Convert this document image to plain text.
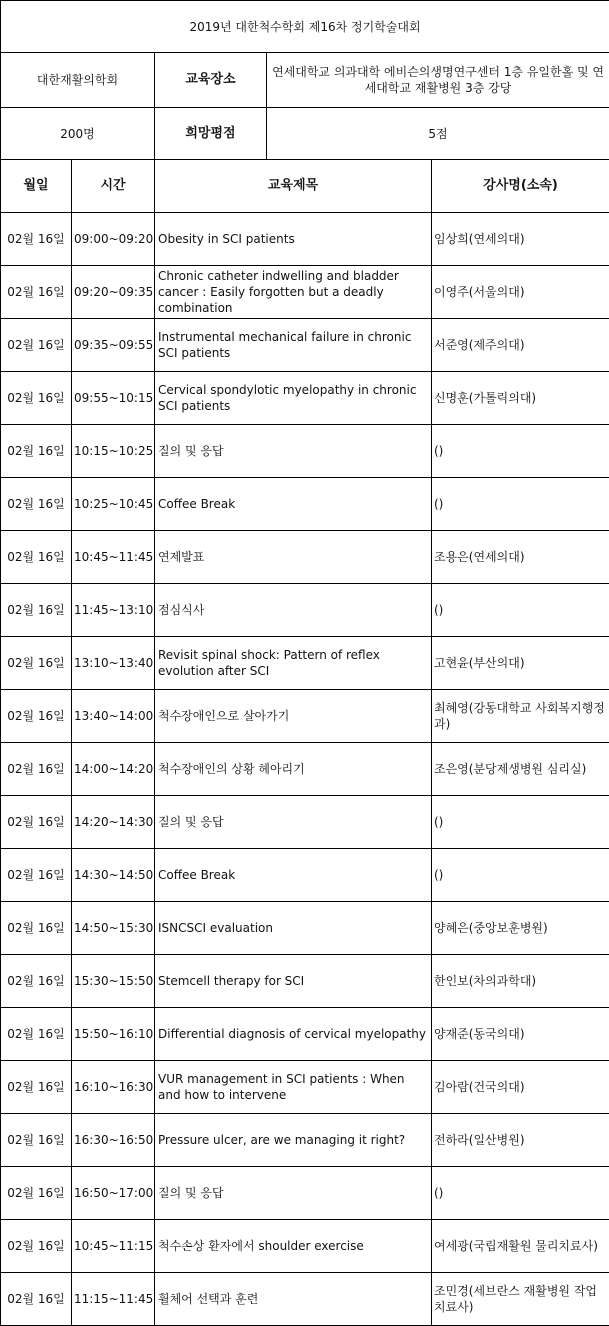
2019년 대한척수학회 제16차 정기학술대회				
대한재활의학회		교육장소	연세대학교 의과대학 에비슨의생명연구센터 1층 유일한홀 및 연세대학교 재활병원 3층 강당	
200명		희망평점	5점	
월일	시간	교육제목		강사명(소속)
02월 16일	09:00~09:20	Obesity in SCI patients		임상희(연세의대)
02월 16일	09:20~09:35	Chronic catheter indwelling and bladder cancer : Easily forgotten but a deadly combination		이영주(서울의대)
02월 16일	09:35~09:55	Instrumental mechanical failure in chronic SCI patients		서준영(제주의대)
02월 16일	09:55~10:15	Cervical spondylotic myelopathy in chronic SCI patients		신명훈(가톨릭의대)
02월 16일	10:15~10:25	질의 및 응답		()
02월 16일	10:25~10:45	Coffee Break		()
02월 16일	10:45~11:45	연제발표		조용은(연세의대)
02월 16일	11:45~13:10	점심식사		()
02월 16일	13:10~13:40	Revisit spinal shock: Pattern of reflex evolution after SCI		고현윤(부산의대)
02월 16일	13:40~14:00	척수장애인으로 살아가기		최혜영(강동대학교 사회복지행정과)
02월 16일	14:00~14:20	척수장애인의 상황 헤아리기		조은영(분당제생병원 심리실)
02월 16일	14:20~14:30	질의 및 응답		()
02월 16일	14:30~14:50	Coffee Break		()
02월 16일	14:50~15:30	ISNCSCI evaluation		양혜은(중앙보훈병원)
02월 16일	15:30~15:50	Stemcell therapy for SCI		한인보(차의과학대)
02월 16일	15:50~16:10	Differential diagnosis of cervical myelopathy		양재준(동국의대)
02월 16일	16:10~16:30	VUR management in SCI patients : When and how to intervene		김아람(건국의대)
02월 16일	16:30~16:50	Pressure ulcer, are we managing it right?		전하라(일산병원)
02월 16일	16:50~17:00	질의 및 응답		()
02월 16일	10:45~11:15	척수손상 환자에서 shoulder exercise		여세광(국립재활원 물리치료사)
02월 16일	11:15~11:45	휠체어 선택과 훈련		조민경(세브란스 재활병원 작업치료사)
